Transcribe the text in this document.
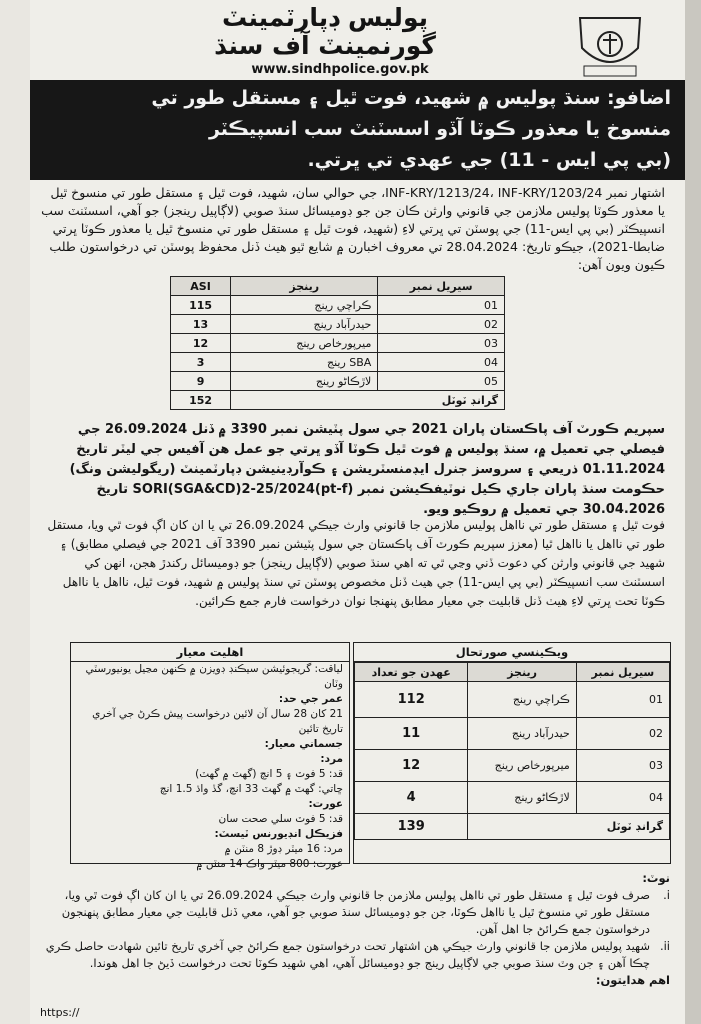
پوليس ڊپارٽمينٽ
گورنمينٽ آف سنڌ
www.sindhpolice.gov.pk
اضافو: سنڌ پوليس ۾ شهيد، فوت ٿيل ۽ مستقل طور تي
منسوخ يا معذور ڪوٽا آڏو اسسٽنٽ سب انسپيڪٽر
(بي پي ايس - 11) جي عهدي تي ڀرتي.
اشتهار نمبر INF-KRY/1213/24، INF-KRY/1203/24، جي حوالي سان، شهيد، فوت ٿيل ۽ مستقل طور تي منسوخ ٿيل يا معذور ڪوٽا پوليس ملازمن جي قانوني وارثن ڪان جن جو ڊوميسائل سنڌ صوبي (لاڳاپيل رينجز) جو آهي، اسسٽنٽ سب انسپيڪٽر (بي پي ايس-11) جي پوسٽن تي ڀرتي لاءِ (شهيد، فوت ٿيل ۽ مستقل طور تي منسوخ ٿيل يا معذور ڪوٽا ڀرتي ضابطا-2021)، جيڪو تاريخ: 28.04.2024 تي معروف اخبارن ۾ شايع ٿيو هيٺ ڏنل محفوظ پوسٽن تي درخواستون طلب ڪيون ويون آهن:
سيريل نمبر	رينجز	ASI
01	ڪراچي رينج	115
02	حيدرآباد رينج	13
03	ميرپورخاص رينج	12
04	SBA رينج	3
05	لاڙڪاڻو رينج	9
گرانڊ ٽوٽل		152
سپريم ڪورٽ آف پاڪستان پاران 2021 جي سول پٽيشن نمبر 3390 ۾ ڏنل 26.09.2024 جي فيصلي جي تعميل ۾، سنڌ پوليس ۾ فوت ٿيل ڪوٽا آڏو ڀرتي جو عمل هن آفيس جي ليٽر تاريخ 01.11.2024 ذريعي ۽ سروسز جنرل ايڊمنسٽريشن ۽ ڪوآرڊينيشن ڊپارٽمينٽ (ريگوليشن ونگ) حڪومت سنڌ پاران جاري ڪيل نوٽيفڪيشن نمبر SORI(SGA&CD)2-25/2024(pt-f) تاريخ 30.04.2026 جي تعميل ۾ روڪيو ويو.
فوت ٿيل ۽ مستقل طور تي نااهل پوليس ملازمن جا قانوني وارث جيڪي 26.09.2024 تي يا ان کان اڳ فوت ٿي ويا، مستقل طور تي نااهل يا نااهل ٿيا (معزز سپريم ڪورٽ آف پاڪستان جي سول پٽيشن نمبر 3390 آف 2021 جي فيصلي مطابق) ۽ شهيد جي قانوني وارثن کي دعوت ڏني وڃي ٿي ته اهي سنڌ صوبي (لاڳاپيل رينجز) جو ڊوميسائل رکندڙ هجن، انهن کي اسسٽنٽ سب انسپيڪٽر (بي پي ايس-11) جي هيٺ ڏنل مخصوص پوسٽن تي سنڌ پوليس ۾ شهيد، فوت ٿيل، نااهل يا نااهل ڪوٽا تحت ڀرتي لاءِ هيٺ ڏنل قابليت جي معيار مطابق پنهنجا نوان درخواست فارم جمع ڪرائين.
ويڪينسي صورتحال
سيريل نمبر	رينجز	عهدن جو تعداد
01	ڪراچي رينج	112
02	حيدرآباد رينج	11
03	ميرپورخاص رينج	12
04	لاڙڪاڻو رينج	4
گرانڊ ٽوٽل		139
اهليت معيار
لياقت: گريجوئيشن سيڪنڊ ڊويزن ۾ ڪنهن مڃيل يونيورسٽي وٽان
عمر جي حد:
21 کان 28 سال آن لائين درخواست پيش ڪرڻ جي آخري تاريخ تائين
جسماني معيار:
مرد:
قد: 5 فوٽ ۽ 5 انچ (گهٽ ۾ گهٽ)
ڇاتي: گهٽ ۾ گهٽ 33 انچ، گڏ واڌ 1.5 انچ
عورت:
قد: 5 فوٽ سلي صحت سان
فزيڪل انڊيورنس ٽيسٽ:
مرد: 16 ميٽر ڊوڙ 8 منٽن ۾
عورت: 800 ميٽر واڪ 14 منٽن ۾
نوٽ:
i.
صرف فوت ٿيل ۽ مستقل طور تي نااهل پوليس ملازمن جا قانوني وارث جيڪي 26.09.2024 تي يا ان کان اڳ فوت ٿي ويا، مستقل طور تي منسوخ ٿيل يا نااهل ڪوٽا، جن جو ڊوميسائل سنڌ صوبي جو آهي، معي ڏنل قابليت جي معيار مطابق پنهنجون درخواستون جمع ڪرائڻ جا اهل آهن.
ii.
شهيد پوليس ملازمن جا قانوني وارث جيڪي هن اشتهار تحت درخواستون جمع ڪرائڻ جي آخري تاريخ تائين شهادت حاصل ڪري چڪا آهن ۽ جن وٽ سنڌ صوبي جي لاڳاپيل رينج جو ڊوميسائل آهي، اهي شهيد ڪوٽا تحت درخواست ڏيڻ جا اهل هوندا.
اهم هدايتون:
https://
